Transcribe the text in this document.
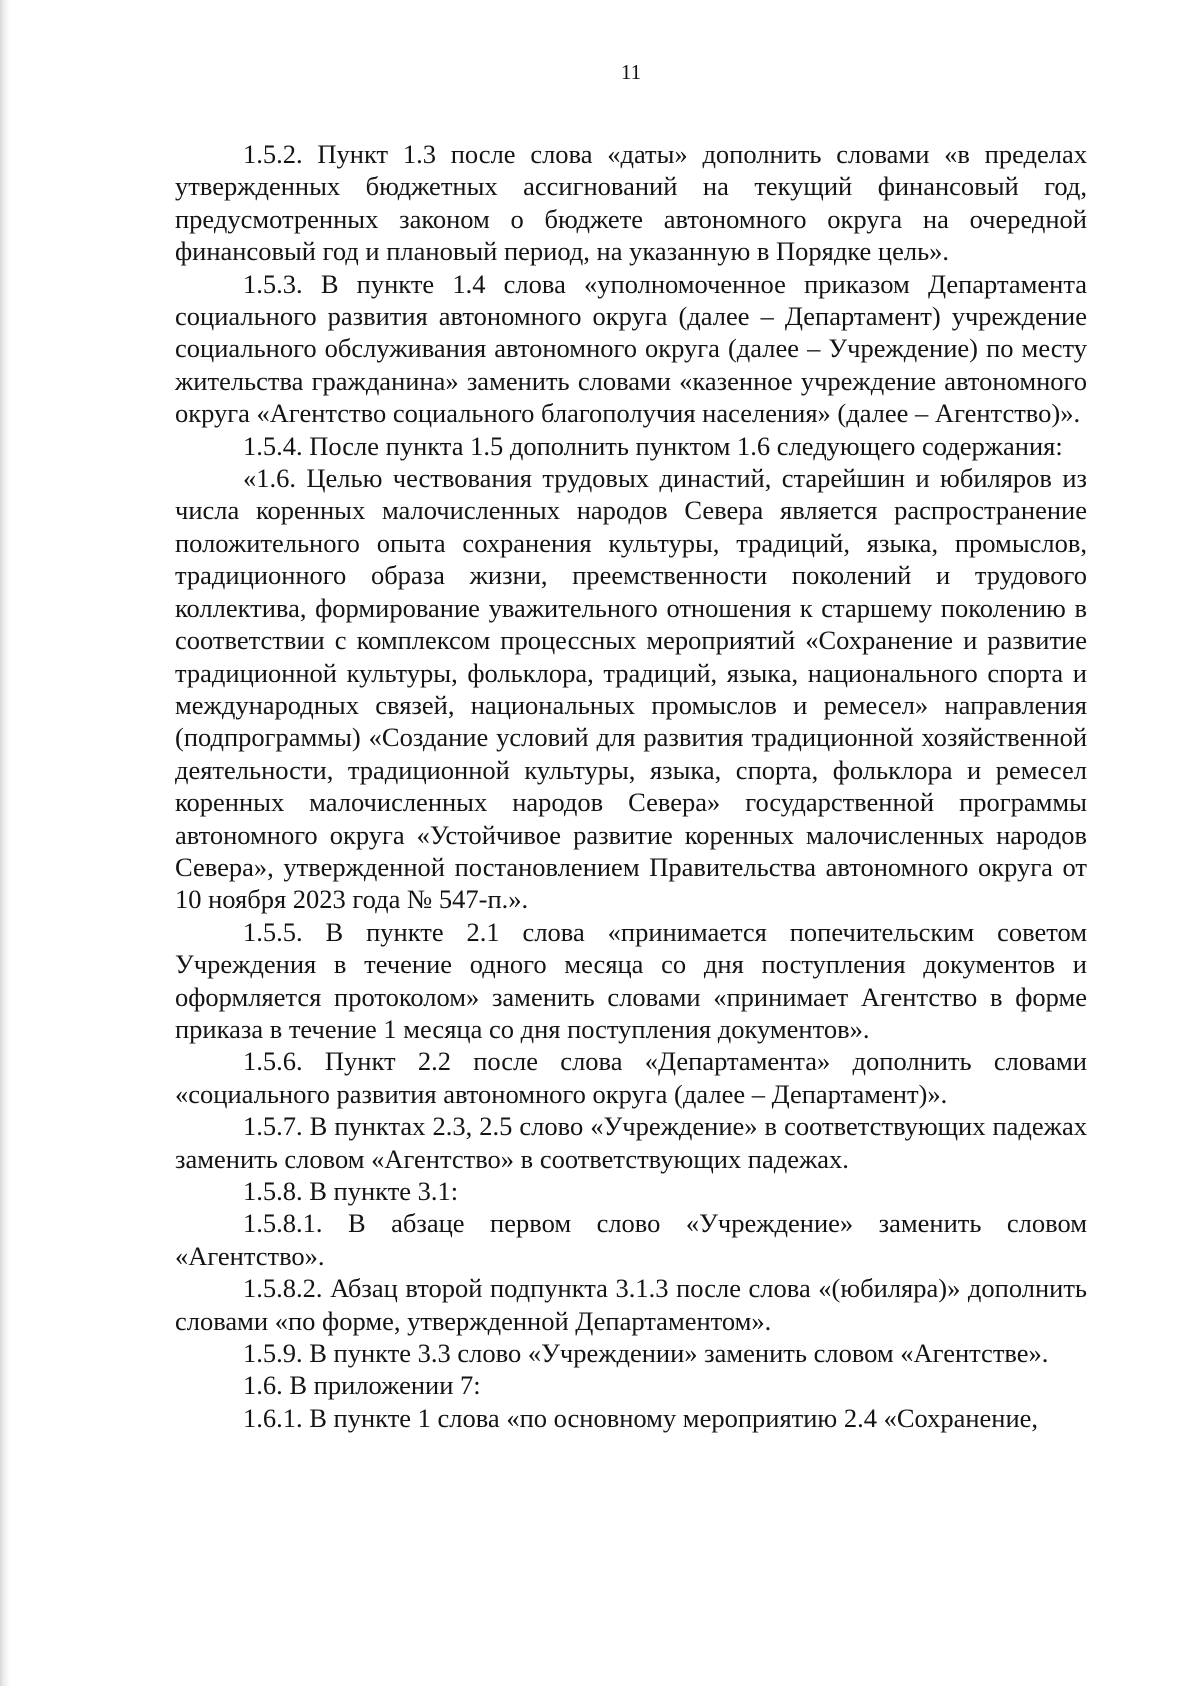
11

1.5.2. Пункт 1.3 после слова «даты» дополнить словами «в пределах утвержденных бюджетных ассигнований на текущий финансовый год, предусмотренных законом о бюджете автономного округа на очередной финансовый год и плановый период, на указанную в Порядке цель».

1.5.3. В пункте 1.4 слова «уполномоченное приказом Департамента социального развития автономного округа (далее – Департамент) учреждение социального обслуживания автономного округа (далее – Учреждение) по месту жительства гражданина» заменить словами «казенное учреждение автономного округа «Агентство социального благополучия населения» (далее – Агентство)».

1.5.4. После пункта 1.5 дополнить пунктом 1.6 следующего содержания:

«1.6. Целью чествования трудовых династий, старейшин и юбиляров из числа коренных малочисленных народов Севера является распространение положительного опыта сохранения культуры, традиций, языка, промыслов, традиционного образа жизни, преемственности поколений и трудового коллектива, формирование уважительного отношения к старшему поколению в соответствии с комплексом процессных мероприятий «Сохранение и развитие традиционной культуры, фольклора, традиций, языка, национального спорта и международных связей, национальных промыслов и ремесел» направления (подпрограммы) «Создание условий для развития традиционной хозяйственной деятельности, традиционной культуры, языка, спорта, фольклора и ремесел коренных малочисленных народов Севера» государственной программы автономного округа «Устойчивое развитие коренных малочисленных народов Севера», утвержденной постановлением Правительства автономного округа от 10 ноября 2023 года № 547-п.».

1.5.5. В пункте 2.1 слова «принимается попечительским советом Учреждения в течение одного месяца со дня поступления документов и оформляется протоколом» заменить словами «принимает Агентство в форме приказа в течение 1 месяца со дня поступления документов».

1.5.6. Пункт 2.2 после слова «Департамента» дополнить словами «социального развития автономного округа (далее – Департамент)».

1.5.7. В пунктах 2.3, 2.5 слово «Учреждение» в соответствующих падежах заменить словом «Агентство» в соответствующих падежах.

1.5.8. В пункте 3.1:

1.5.8.1. В абзаце первом слово «Учреждение» заменить словом «Агентство».

1.5.8.2. Абзац второй подпункта 3.1.3 после слова «(юбиляра)» дополнить словами «по форме, утвержденной Департаментом».

1.5.9. В пункте 3.3 слово «Учреждении» заменить словом «Агентстве».

1.6. В приложении 7:

1.6.1. В пункте 1 слова «по основному мероприятию 2.4 «Сохранение,
